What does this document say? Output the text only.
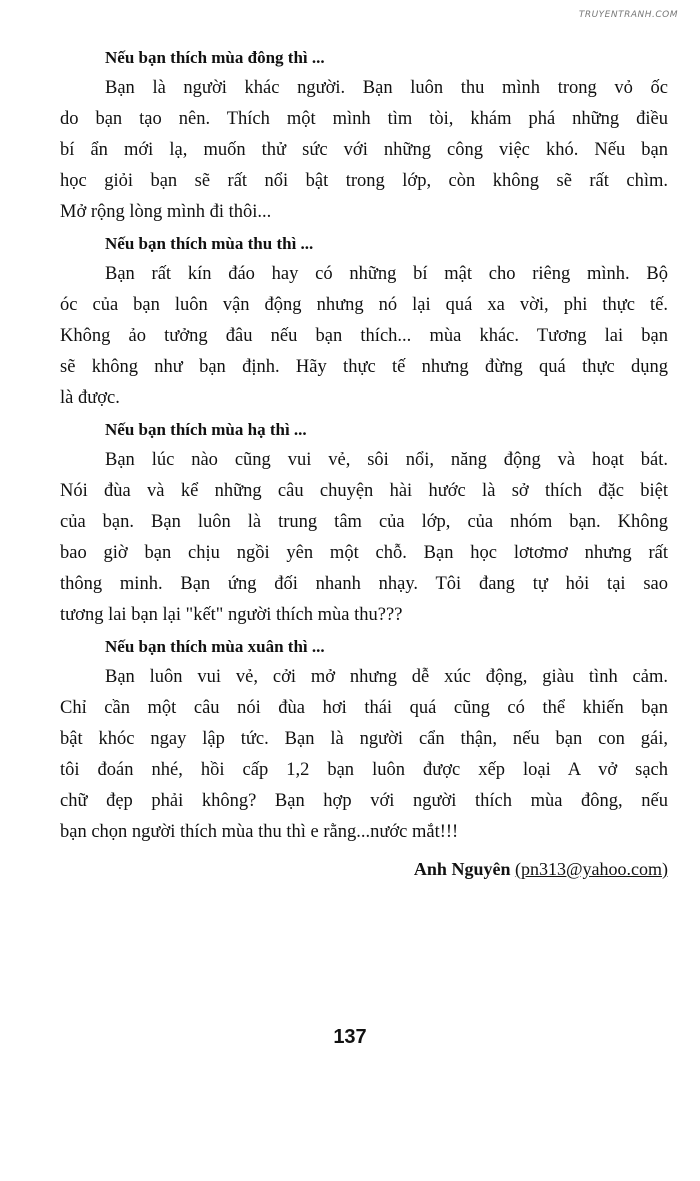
TRUYENTRANH.COM
Nếu bạn thích mùa đông thì ...
Bạn là người khác người. Bạn luôn thu mình trong vỏ ốc
do bạn tạo nên. Thích một mình tìm tòi, khám phá những điều
bí ẩn mới lạ, muốn thử sức với những công việc khó. Nếu bạn
học giỏi bạn sẽ rất nổi bật trong lớp, còn không sẽ rất chìm.
Mở rộng lòng mình đi thôi...
Nếu bạn thích mùa thu thì ...
Bạn rất kín đáo hay có những bí mật cho riêng mình. Bộ
óc của bạn luôn vận động nhưng nó lại quá xa vời, phi thực tế.
Không ảo tưởng đâu nếu bạn thích... mùa khác. Tương lai bạn
sẽ không như bạn định. Hãy thực tế nhưng đừng quá thực dụng
là được.
Nếu bạn thích mùa hạ thì ...
Bạn lúc nào cũng vui vẻ, sôi nổi, năng động và hoạt bát.
Nói đùa và kể những câu chuyện hài hước là sở thích đặc biệt
của bạn. Bạn luôn là trung tâm của lớp, của nhóm bạn. Không
bao giờ bạn chịu ngồi yên một chỗ. Bạn học lơtơmơ nhưng rất
thông minh. Bạn ứng đối nhanh nhạy. Tôi đang tự hỏi tại sao
tương lai bạn lại "kết" người thích mùa thu???
Nếu bạn thích mùa xuân thì ...
Bạn luôn vui vẻ, cởi mở nhưng dễ xúc động, giàu tình cảm.
Chỉ cần một câu nói đùa hơi thái quá cũng có thể khiến bạn
bật khóc ngay lập tức. Bạn là người cẩn thận, nếu bạn con gái,
tôi đoán nhé, hồi cấp 1,2 bạn luôn được xếp loại A vở sạch
chữ đẹp phải không? Bạn hợp với người thích mùa đông, nếu
bạn chọn người thích mùa thu thì e rằng...nước mắt!!!
Anh Nguyên (pn313@yahoo.com)
137
